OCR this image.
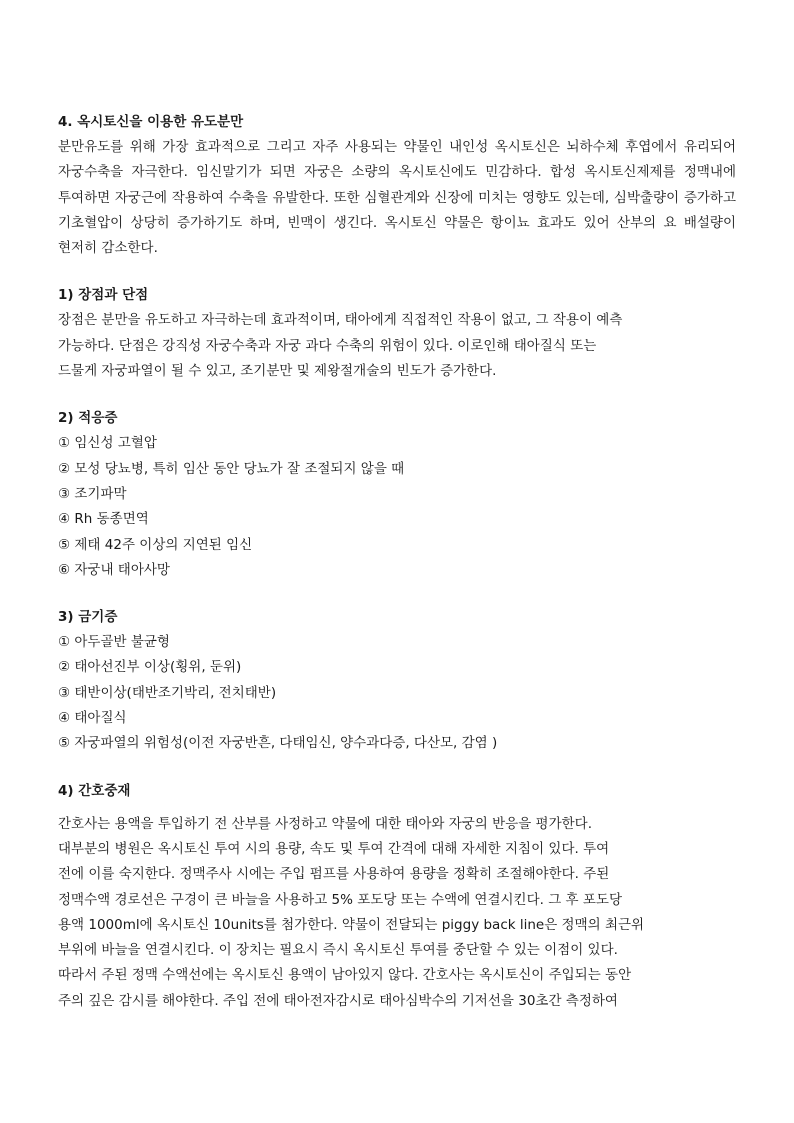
4. 옥시토신을 이용한 유도분만

분만유도를 위해 가장 효과적으로 그리고 자주 사용되는 약물인 내인성 옥시토신은 뇌하수체 후엽에서 유리되어 자궁수축을 자극한다. 임신말기가 되면 자궁은 소량의 옥시토신에도 민감하다. 합성 옥시토신제제를 정맥내에 투여하면 자궁근에 작용하여 수축을 유발한다. 또한 심혈관계와 신장에 미치는 영향도 있는데, 심박출량이 증가하고 기초혈압이 상당히 증가하기도 하며, 빈맥이 생긴다. 옥시토신 약물은 항이뇨 효과도 있어 산부의 요 배설량이 현저히 감소한다.

1) 장점과 단점

장점은 분만을 유도하고 자극하는데 효과적이며, 태아에게 직접적인 작용이 없고, 그 작용이 예측

가능하다. 단점은 강직성 자궁수축과 자궁 과다 수축의 위험이 있다. 이로인해 태아질식 또는

드물게 자궁파열이 될 수 있고, 조기분만 및 제왕절개술의 빈도가 증가한다.

2) 적응증
① 임신성 고혈압
② 모성 당뇨병, 특히 임산 동안 당뇨가 잘 조절되지 않을 때
③ 조기파막
④ Rh 동종면역
⑤ 제태 42주 이상의 지연된 임신
⑥ 자궁내 태아사망
3) 금기증
① 아두골반 불균형
② 태아선진부 이상(횡위, 둔위)
③ 태반이상(태반조기박리, 전치태반)
④ 태아질식
⑤ 자궁파열의 위험성(이전 자궁반흔, 다태임신, 양수과다증, 다산모, 감염 )
4) 간호중재

간호사는 용액을 투입하기 전 산부를 사정하고 약물에 대한 태아와 자궁의 반응을 평가한다.

대부분의 병원은 옥시토신 투여 시의 용량, 속도 및 투여 간격에 대해 자세한 지침이 있다. 투여

전에 이를 숙지한다. 정맥주사 시에는 주입 펌프를 사용하여 용량을 정확히 조절해야한다. 주된

정맥수액 경로선은 구경이 큰 바늘을 사용하고 5% 포도당 또는 수액에 연결시킨다. 그 후 포도당

용액 1000ml에 옥시토신 10units를 첨가한다. 약물이 전달되는 piggy back line은 정맥의 최근위

부위에 바늘을 연결시킨다. 이 장치는 필요시 즉시 옥시토신 투여를 중단할 수 있는 이점이 있다.

따라서 주된 정맥 수액선에는 옥시토신 용액이 남아있지 않다. 간호사는 옥시토신이 주입되는 동안

주의 깊은 감시를 해야한다. 주입 전에 태아전자감시로 태아심박수의 기저선을 30초간 측정하여
